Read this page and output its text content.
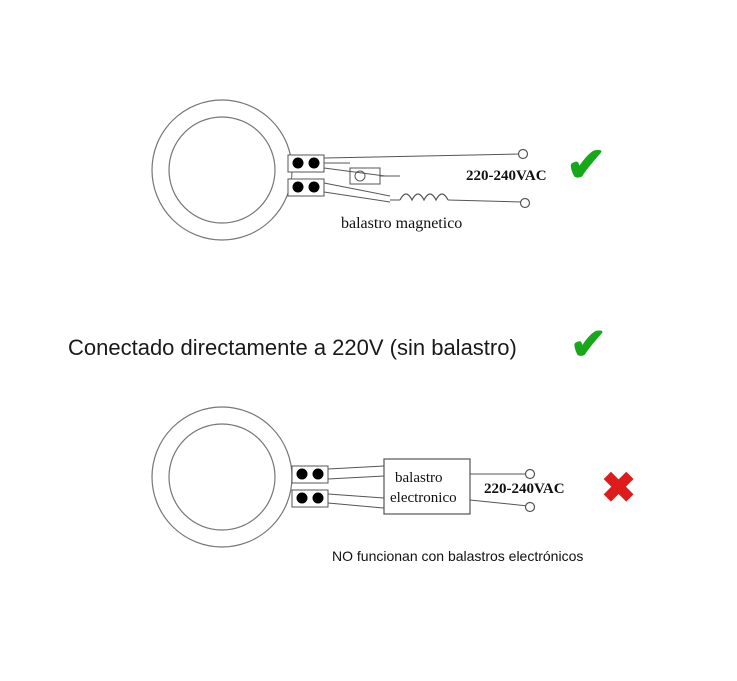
220-240VAC
balastro magnetico
✔
Conectado directamente a 220V (sin balastro) ✔
balastro
electronico
220-240VAC ✖
NO funcionan con balastros electrónicos
